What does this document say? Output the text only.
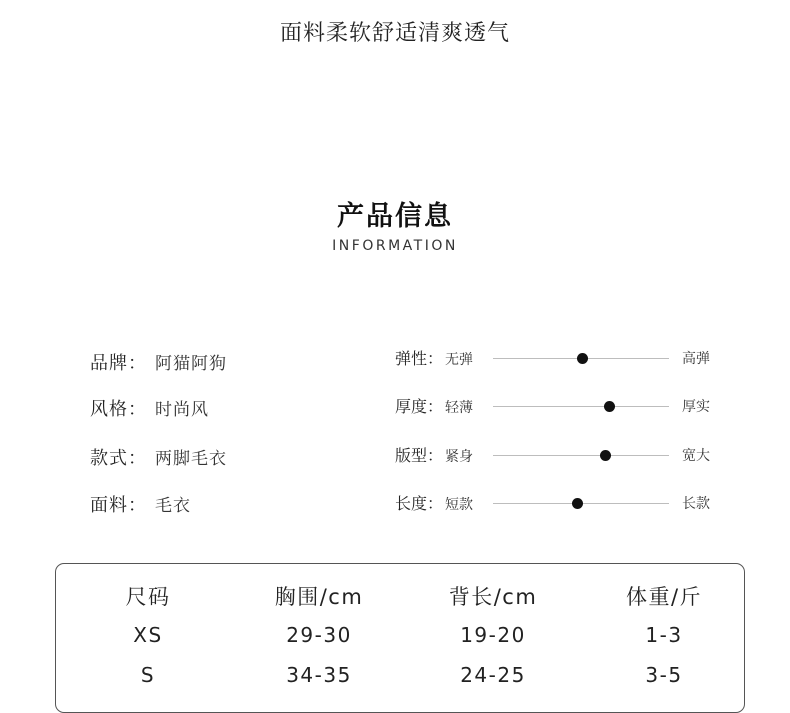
面料柔软舒适清爽透气
产品信息
INFORMATION
品牌： 阿猫阿狗
风格： 时尚风
款式： 两脚毛衣
面料： 毛衣
弹性： 无弹	高弹
厚度： 轻薄	厚实
版型： 紧身	宽大
长度： 短款	长款
尺码	胸围/cm	背长/cm	体重/斤
XS	29-30	19-20	1-3
S	34-35	24-25	3-5
